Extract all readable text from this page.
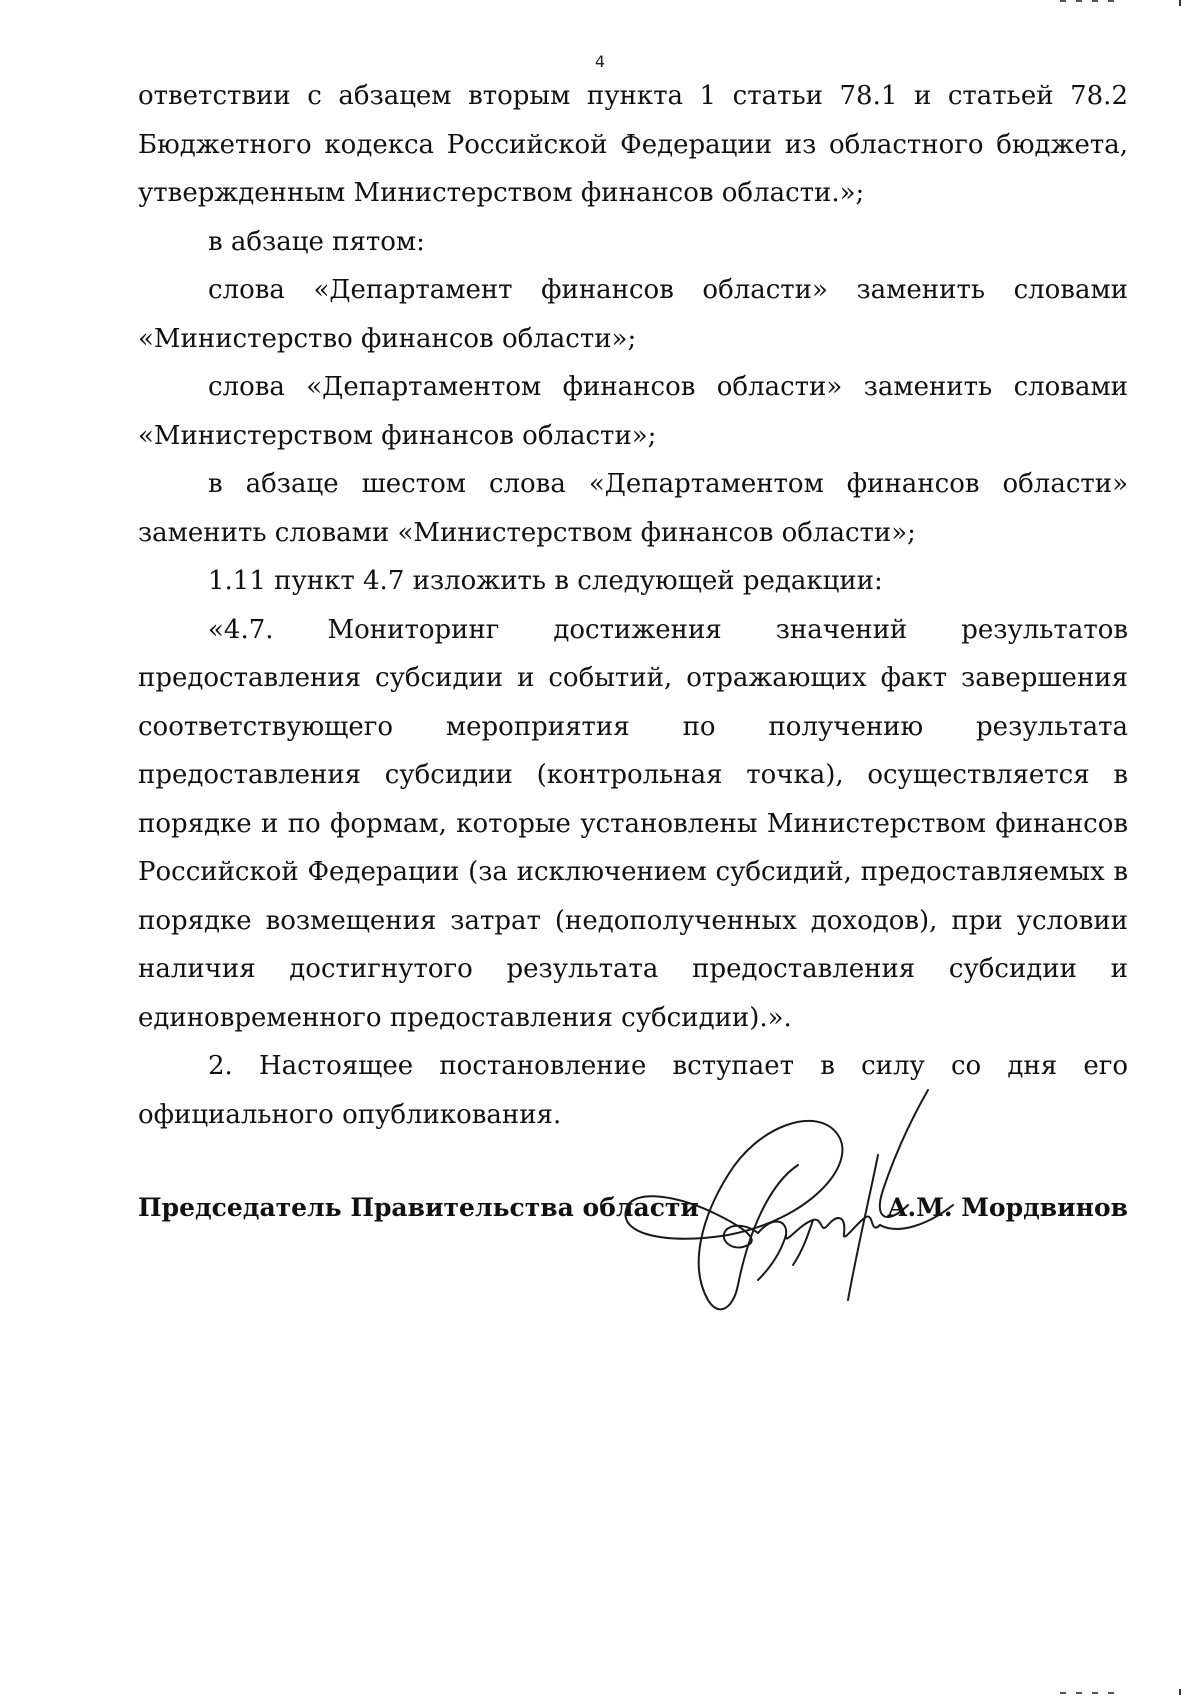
4

ответствии с абзацем вторым пункта 1 статьи 78.1 и статьей 78.2 Бюджетного кодекса Российской Федерации из областного бюджета, утвержденным Министерством финансов области.»;

в абзаце пятом:

слова «Департамент финансов области» заменить словами «Министерство финансов области»;

слова «Департаментом финансов области» заменить словами «Министерством финансов области»;

в абзаце шестом слова «Департаментом финансов области» заменить словами «Министерством финансов области»;

1.11 пункт 4.7 изложить в следующей редакции:

«4.7. Мониторинг достижения значений результатов предоставления субсидии и событий, отражающих факт завершения соответствующего мероприятия по получению результата предоставления субсидии (контрольная точка), осуществляется в порядке и по формам, которые установлены Министерством финансов Российской Федерации (за исключением субсидий, предоставляемых в порядке возмещения затрат (недополученных доходов), при условии наличия достигнутого результата предоставления субсидии и единовременного предоставления субсидии).».

2. Настоящее постановление вступает в силу со дня его официального опубликования.

Председатель Правительства области	А.М. Мордвинов
